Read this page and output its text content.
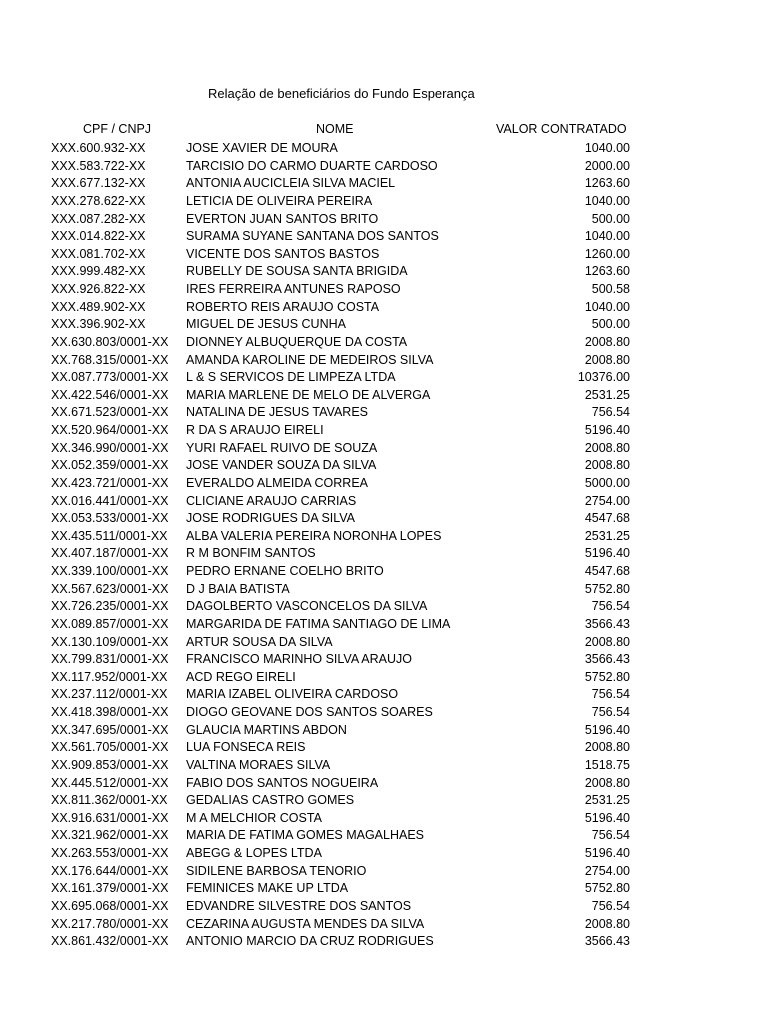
Relação de beneficiários do Fundo Esperança
CPF / CNPJ	NOME	VALOR CONTRATADO
XXX.600.932-XX	JOSE XAVIER DE MOURA	1040.00
XXX.583.722-XX	TARCISIO DO CARMO DUARTE CARDOSO	2000.00
XXX.677.132-XX	ANTONIA AUCICLEIA SILVA MACIEL	1263.60
XXX.278.622-XX	LETICIA DE OLIVEIRA PEREIRA	1040.00
XXX.087.282-XX	EVERTON JUAN SANTOS BRITO	500.00
XXX.014.822-XX	SURAMA SUYANE SANTANA DOS SANTOS	1040.00
XXX.081.702-XX	VICENTE DOS SANTOS BASTOS	1260.00
XXX.999.482-XX	RUBELLY DE SOUSA SANTA BRIGIDA	1263.60
XXX.926.822-XX	IRES FERREIRA ANTUNES RAPOSO	500.58
XXX.489.902-XX	ROBERTO REIS ARAUJO COSTA	1040.00
XXX.396.902-XX	MIGUEL DE JESUS CUNHA	500.00
XX.630.803/0001-XX DIONNEY ALBUQUERQUE DA COSTA	2008.80
XX.768.315/0001-XX AMANDA KAROLINE DE MEDEIROS SILVA	2008.80
XX.087.773/0001-XX L & S SERVICOS DE LIMPEZA LTDA	10376.00
XX.422.546/0001-XX MARIA MARLENE DE MELO DE ALVERGA	2531.25
XX.671.523/0001-XX NATALINA DE JESUS TAVARES	756.54
XX.520.964/0001-XX R DA S ARAUJO EIRELI	5196.40
XX.346.990/0001-XX YURI RAFAEL RUIVO DE SOUZA	2008.80
XX.052.359/0001-XX JOSE VANDER SOUZA DA SILVA	2008.80
XX.423.721/0001-XX EVERALDO ALMEIDA CORREA	5000.00
XX.016.441/0001-XX CLICIANE ARAUJO CARRIAS	2754.00
XX.053.533/0001-XX JOSE RODRIGUES DA SILVA	4547.68
XX.435.511/0001-XX ALBA VALERIA PEREIRA NORONHA LOPES	2531.25
XX.407.187/0001-XX R M BONFIM SANTOS	5196.40
XX.339.100/0001-XX PEDRO ERNANE COELHO BRITO	4547.68
XX.567.623/0001-XX D J BAIA BATISTA	5752.80
XX.726.235/0001-XX DAGOLBERTO VASCONCELOS DA SILVA	756.54
XX.089.857/0001-XX MARGARIDA DE FATIMA SANTIAGO DE LIMA	3566.43
XX.130.109/0001-XX ARTUR SOUSA DA SILVA	2008.80
XX.799.831/0001-XX FRANCISCO MARINHO SILVA ARAUJO	3566.43
XX.117.952/0001-XX ACD REGO EIRELI	5752.80
XX.237.112/0001-XX MARIA IZABEL OLIVEIRA CARDOSO	756.54
XX.418.398/0001-XX DIOGO GEOVANE DOS SANTOS SOARES	756.54
XX.347.695/0001-XX GLAUCIA MARTINS ABDON	5196.40
XX.561.705/0001-XX LUA FONSECA REIS	2008.80
XX.909.853/0001-XX VALTINA MORAES SILVA	1518.75
XX.445.512/0001-XX FABIO DOS SANTOS NOGUEIRA	2008.80
XX.811.362/0001-XX GEDALIAS CASTRO GOMES	2531.25
XX.916.631/0001-XX M A MELCHIOR COSTA	5196.40
XX.321.962/0001-XX MARIA DE FATIMA GOMES MAGALHAES	756.54
XX.263.553/0001-XX ABEGG & LOPES LTDA	5196.40
XX.176.644/0001-XX SIDILENE BARBOSA TENORIO	2754.00
XX.161.379/0001-XX FEMINICES MAKE UP LTDA	5752.80
XX.695.068/0001-XX EDVANDRE SILVESTRE DOS SANTOS	756.54
XX.217.780/0001-XX CEZARINA AUGUSTA MENDES DA SILVA	2008.80
XX.861.432/0001-XX ANTONIO MARCIO DA CRUZ RODRIGUES	3566.43
